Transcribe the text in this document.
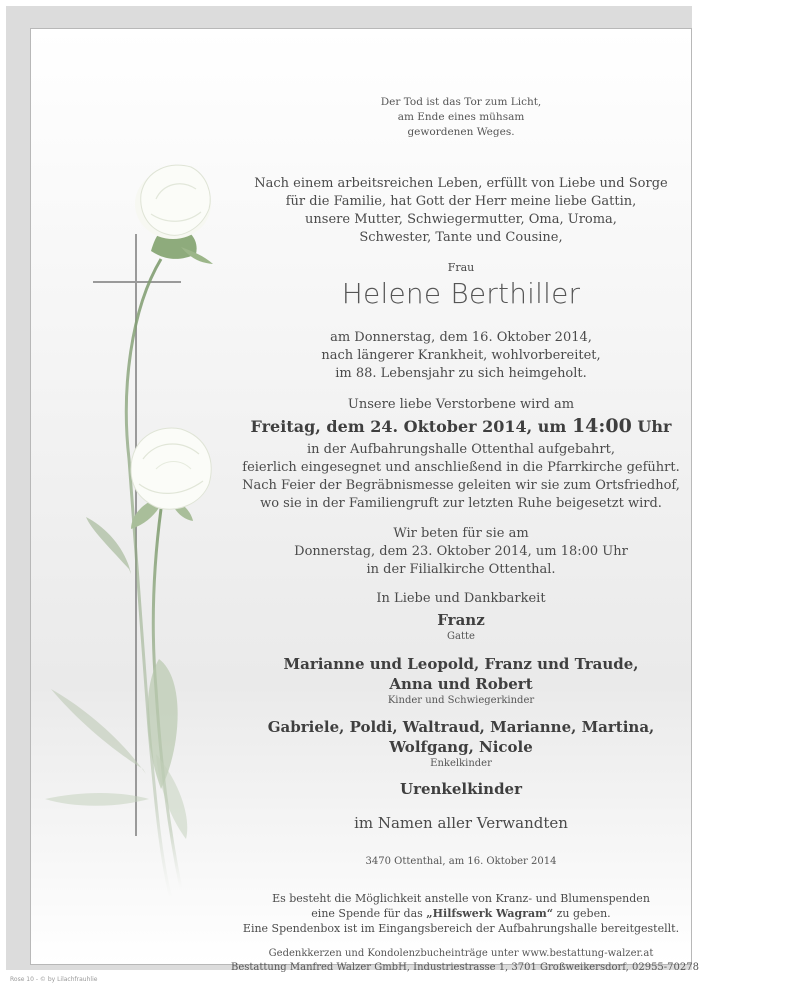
Der Tod ist das Tor zum Licht,
am Ende eines mühsam
gewordenen Weges.
Nach einem arbeitsreichen Leben, erfüllt von Liebe und Sorge
für die Familie, hat Gott der Herr meine liebe Gattin,
unsere Mutter, Schwiegermutter, Oma, Uroma,
Schwester, Tante und Cousine,
Frau
Helene Berthiller
am Donnerstag, dem 16. Oktober 2014,
nach längerer Krankheit, wohlvorbereitet,
im 88. Lebensjahr zu sich heimgeholt.
Unsere liebe Verstorbene wird am
Freitag, dem 24. Oktober 2014, um 14:00 Uhr
in der Aufbahrungshalle Ottenthal aufgebahrt,
feierlich eingesegnet und anschließend in die Pfarrkirche geführt.
Nach Feier der Begräbnismesse geleiten wir sie zum Ortsfriedhof,
wo sie in der Familiengruft zur letzten Ruhe beigesetzt wird.
Wir beten für sie am
Donnerstag, dem 23. Oktober 2014, um 18:00 Uhr
in der Filialkirche Ottenthal.
In Liebe und Dankbarkeit
Franz
Gatte
Marianne und Leopold, Franz und Traude,
Anna und Robert
Kinder und Schwiegerkinder
Gabriele, Poldi, Waltraud, Marianne, Martina,
Wolfgang, Nicole
Enkelkinder
Urenkelkinder
im Namen aller Verwandten
3470 Ottenthal, am 16. Oktober 2014
Es besteht die Möglichkeit anstelle von Kranz- und Blumenspenden
eine Spende für das „Hilfswerk Wagram“ zu geben.
Eine Spendenbox ist im Eingangsbereich der Aufbahrungshalle bereitgestellt.
Gedenkkerzen und Kondolenzbucheinträge unter www.bestattung-walzer.at
Bestattung Manfred Walzer GmbH, Industriestrasse 1, 3701 Großweikersdorf, 02955-70278
Rose 10 - © by Lilachfrauhlie
